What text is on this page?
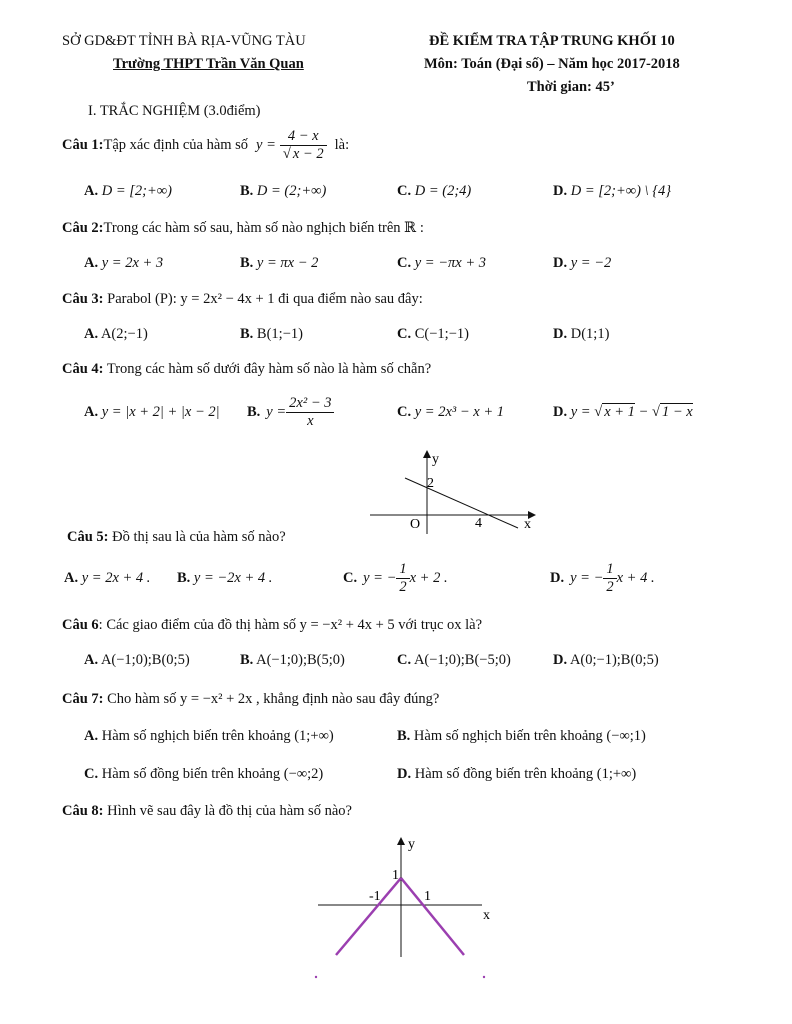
SỞ GD&ĐT TỈNH BÀ RỊA-VŨNG TÀU
Trường THPT Trần Văn Quan
ĐỀ KIỂM TRA TẬP TRUNG KHỐI 10
Môn: Toán (Đại số) – Năm học 2017-2018
Thời gian: 45’
I. TRẮC NGHIỆM (3.0điểm)
Câu 1: Tập xác định của hàm số $y = \frac{4 - x}{√ x - 2}$ là:
A. D = [2;+∞)	B. D = (2;+∞)	C. D = (2;4)	D. D = [2;+∞) \ {4}
Câu 2:Trong các hàm số sau, hàm số nào nghịch biến trên ℝ :
A. y = 2x + 3	B. y = πx − 2	C. y = −πx + 3	D. y = −2
Câu 3: Parabol (P): y = 2x² − 4x + 1 đi qua điểm nào sau đây:
A. A(2;−1)	B. B(1;−1)	C. C(−1;−1)	D. D(1;1)
Câu 4: Trong các hàm số dưới đây hàm số nào là hàm số chẵn?
A. y = |x + 2| + |x − 2| B. $y = \frac{\text{2x² − 3}}{x}$	C. y = 2x³ − x + 1	D. y = √ x + 1 − √ 1 − x
y
x
O
2
4
Câu 5: Đồ thị sau là của hàm số nào?
A. y = 2x + 4 . B. y = −2x + 4 .	C. y = − $\frac{1}{2}$ x + 2 .	D. y = − $\frac{1}{2}$ x + 4 .
Câu 6: Các giao điểm của đồ thị hàm số y = −x² + 4x + 5 với trục ox là?
A. A(−1;0);B(0;5)	B. A(−1;0);B(5;0)	C. A(−1;0);B(−5;0)	D. A(0;−1);B(0;5)
Câu 7: Cho hàm số y = −x² + 2x , khẳng định nào sau đây đúng?
A. Hàm số nghịch biến trên khoảng (1;+∞)	B. Hàm số nghịch biến trên khoảng (−∞;1)
C. Hàm số đồng biến trên khoảng (−∞;2)	D. Hàm số đồng biến trên khoảng (1;+∞)
Câu 8: Hình vẽ sau đây là đồ thị của hàm số nào?
y
x
1
-1	1
